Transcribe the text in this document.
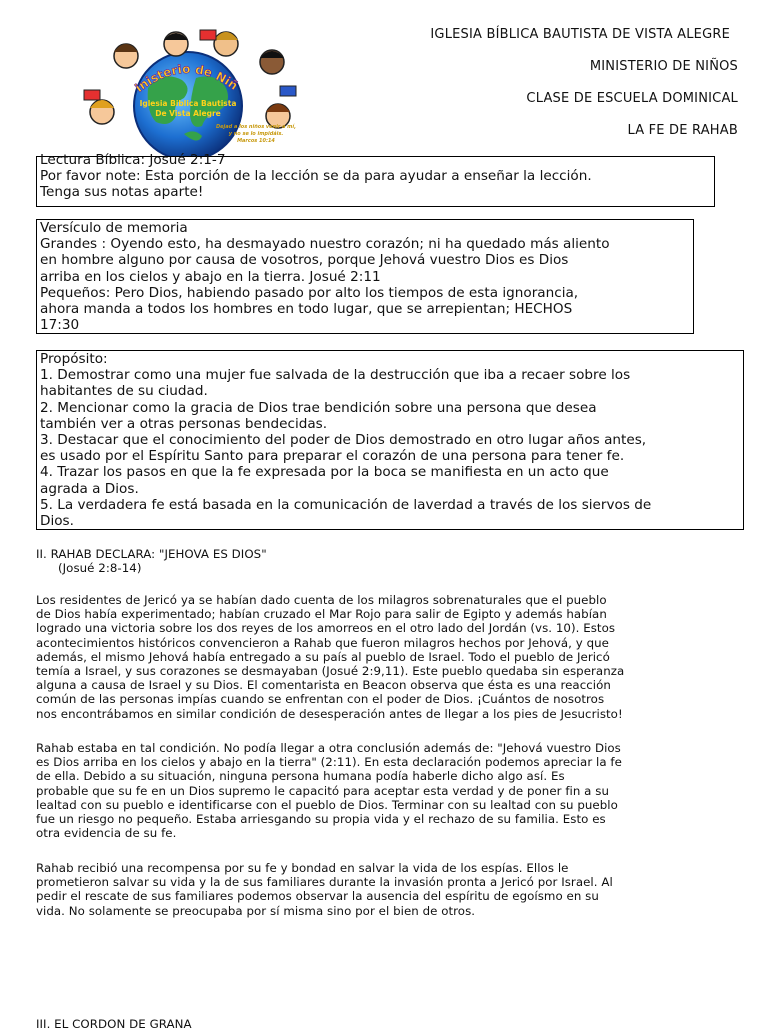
inisterio de Niñ
Iglesia Biblica Bautista
De Vista Alegre
Dejad a los niños venir a mí,
y no se lo impidáis.
Marcos 10:14
IGLESIA BÍBLICA BAUTISTA DE VISTA ALEGRE
MINISTERIO DE NIÑOS
CLASE DE ESCUELA DOMINICAL
LA FE DE RAHAB
Lectura Bíblica: Josué 2:1-7
Por favor note: Esta porción de la lección se da para ayudar a enseñar la lección.
Tenga sus notas aparte!
Versículo de memoria
Grandes : Oyendo esto, ha desmayado nuestro corazón; ni ha quedado más aliento
en hombre alguno por causa de vosotros, porque Jehová vuestro Dios es Dios
arriba en los cielos y abajo en la tierra. Josué 2:11
Pequeños: Pero Dios, habiendo pasado por alto los tiempos de esta ignorancia,
ahora manda a todos los hombres en todo lugar, que se arrepientan; HECHOS
17:30
Propósito:
1. Demostrar como una mujer fue salvada de la destrucción que iba a recaer sobre los
habitantes de su ciudad.
2. Mencionar como la gracia de Dios trae bendición sobre una persona que desea
también ver a otras personas bendecidas.
3. Destacar que el conocimiento del poder de Dios demostrado en otro lugar años antes,
es usado por el Espíritu Santo para preparar el corazón de una persona para tener fe.
4. Trazar los pasos en que la fe expresada por la boca se manifiesta en un acto que
agrada a Dios.
5. La verdadera fe está basada en la comunicación de laverdad a través de los siervos de
Dios.
II. RAHAB DECLARA: "JEHOVA ES DIOS"
(Josué 2:8-14)
Los residentes de Jericó ya se habían dado cuenta de los milagros sobrenaturales que el pueblo
de Dios había experimentado; habían cruzado el Mar Rojo para salir de Egipto y además habían
logrado una victoria sobre los dos reyes de los amorreos en el otro lado del Jordán (vs. 10). Estos
acontecimientos históricos convencieron a Rahab que fueron milagros hechos por Jehová, y que
además, el mismo Jehová había entregado a su país al pueblo de Israel. Todo el pueblo de Jericó
temía a Israel, y sus corazones se desmayaban (Josué 2:9,11). Este pueblo quedaba sin esperanza
alguna a causa de Israel y su Dios. El comentarista en Beacon observa que ésta es una reacción
común de las personas impías cuando se enfrentan con el poder de Dios. ¡Cuántos de nosotros
nos encontrábamos en similar condición de desesperación antes de llegar a los pies de Jesucristo!
Rahab estaba en tal condición. No podía llegar a otra conclusión además de: "Jehová vuestro Dios
es Dios arriba en los cielos y abajo en la tierra" (2:11). En esta declaración podemos apreciar la fe
de ella. Debido a su situación, ninguna persona humana podía haberle dicho algo así. Es
probable que su fe en un Dios supremo le capacitó para aceptar esta verdad y de poner fin a su
lealtad con su pueblo e identificarse con el pueblo de Dios. Terminar con su lealtad con su pueblo
fue un riesgo no pequeño. Estaba arriesgando su propia vida y el rechazo de su familia. Esto es
otra evidencia de su fe.
Rahab recibió una recompensa por su fe y bondad en salvar la vida de los espías. Ellos le
prometieron salvar su vida y la de sus familiares durante la invasión pronta a Jericó por Israel. Al
pedir el rescate de sus familiares podemos observar la ausencia del espíritu de egoísmo en su
vida. No solamente se preocupaba por sí misma sino por el bien de otros.
III. EL CORDON DE GRANA
